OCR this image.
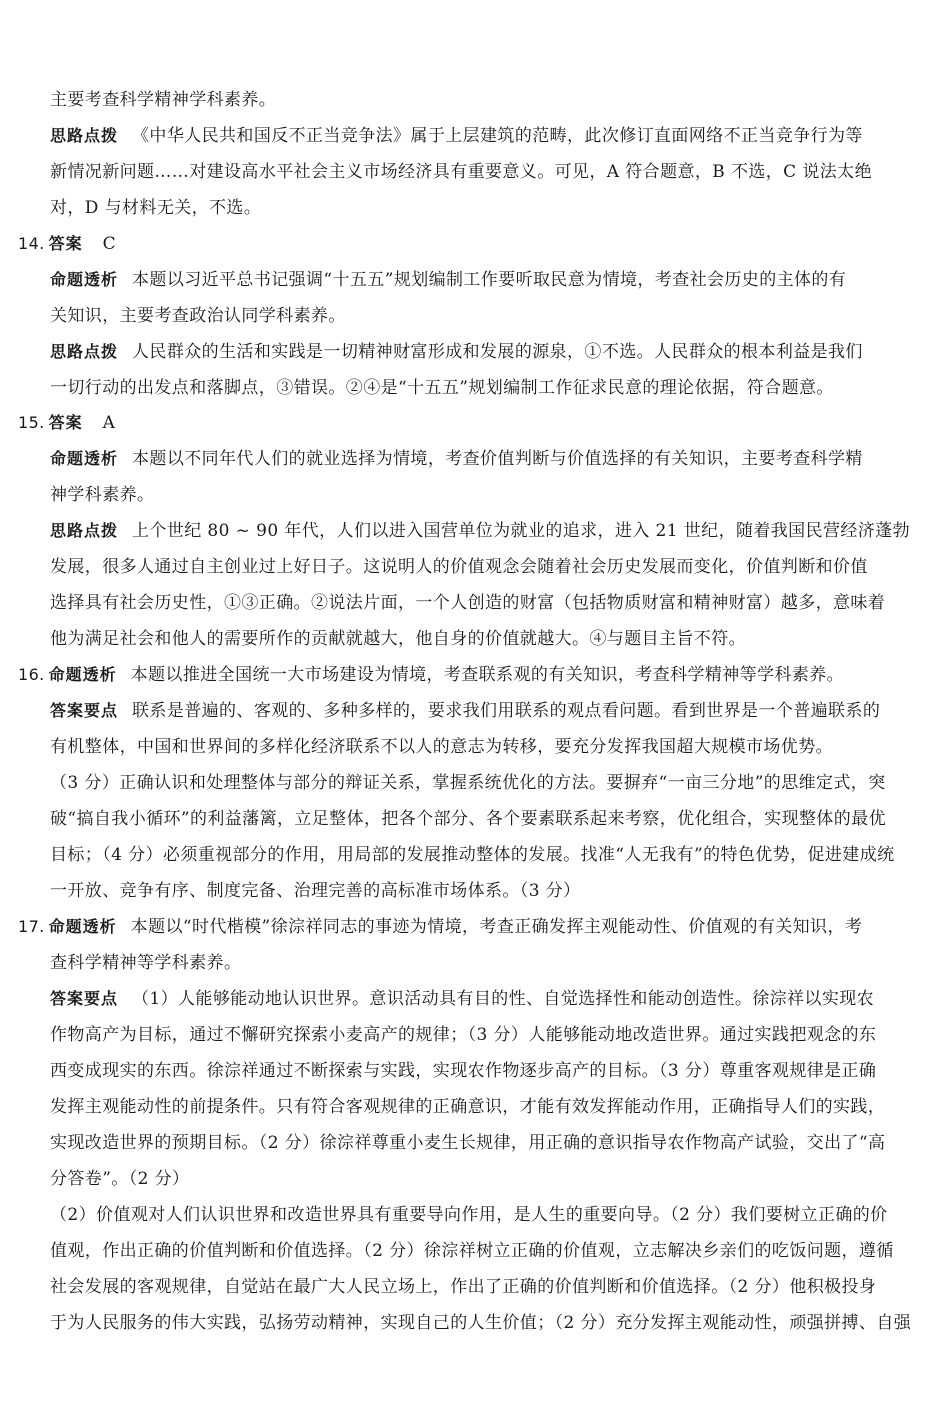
主要考查科学精神学科素养。
思路点拨 《中华人民共和国反不正当竞争法》属于上层建筑的范畴，此次修订直面网络不正当竞争行为等
新情况新问题……对建设高水平社会主义市场经济具有重要意义。可见，A 符合题意，B 不选，C 说法太绝
对，D 与材料无关，不选。
14. 答案 C
命题透析 本题以习近平总书记强调“十五五”规划编制工作要听取民意为情境，考查社会历史的主体的有
关知识，主要考查政治认同学科素养。
思路点拨 人民群众的生活和实践是一切精神财富形成和发展的源泉，①不选。人民群众的根本利益是我们
一切行动的出发点和落脚点，③错误。②④是“十五五”规划编制工作征求民意的理论依据，符合题意。
15. 答案 A
命题透析 本题以不同年代人们的就业选择为情境，考查价值判断与价值选择的有关知识，主要考查科学精
神学科素养。
思路点拨 上个世纪 80 ~ 90 年代，人们以进入国营单位为就业的追求，进入 21 世纪，随着我国民营经济蓬勃
发展，很多人通过自主创业过上好日子。这说明人的价值观念会随着社会历史发展而变化，价值判断和价值
选择具有社会历史性，①③正确。②说法片面，一个人创造的财富（包括物质财富和精神财富）越多，意味着
他为满足社会和他人的需要所作的贡献就越大，他自身的价值就越大。④与题目主旨不符。
16. 命题透析 本题以推进全国统一大市场建设为情境，考查联系观的有关知识，考查科学精神等学科素养。
答案要点 联系是普遍的、客观的、多种多样的，要求我们用联系的观点看问题。看到世界是一个普遍联系的
有机整体，中国和世界间的多样化经济联系不以人的意志为转移，要充分发挥我国超大规模市场优势。
（3 分）正确认识和处理整体与部分的辩证关系，掌握系统优化的方法。要摒弃“一亩三分地”的思维定式，突
破“搞自我小循环”的利益藩篱，立足整体，把各个部分、各个要素联系起来考察，优化组合，实现整体的最优
目标；（4 分）必须重视部分的作用，用局部的发展推动整体的发展。找准“人无我有”的特色优势，促进建成统
一开放、竞争有序、制度完备、治理完善的高标准市场体系。（3 分）
17. 命题透析 本题以“时代楷模”徐淙祥同志的事迹为情境，考查正确发挥主观能动性、价值观的有关知识，考
查科学精神等学科素养。
答案要点 （1）人能够能动地认识世界。意识活动具有目的性、自觉选择性和能动创造性。徐淙祥以实现农
作物高产为目标，通过不懈研究探索小麦高产的规律；（3 分）人能够能动地改造世界。通过实践把观念的东
西变成现实的东西。徐淙祥通过不断探索与实践，实现农作物逐步高产的目标。（3 分）尊重客观规律是正确
发挥主观能动性的前提条件。只有符合客观规律的正确意识，才能有效发挥能动作用，正确指导人们的实践，
实现改造世界的预期目标。（2 分）徐淙祥尊重小麦生长规律，用正确的意识指导农作物高产试验，交出了“高
分答卷”。（2 分）
（2）价值观对人们认识世界和改造世界具有重要导向作用，是人生的重要向导。（2 分）我们要树立正确的价
值观，作出正确的价值判断和价值选择。（2 分）徐淙祥树立正确的价值观，立志解决乡亲们的吃饭问题，遵循
社会发展的客观规律，自觉站在最广大人民立场上，作出了正确的价值判断和价值选择。（2 分）他积极投身
于为人民服务的伟大实践，弘扬劳动精神，实现自己的人生价值；（2 分）充分发挥主观能动性，顽强拼搏、自强
